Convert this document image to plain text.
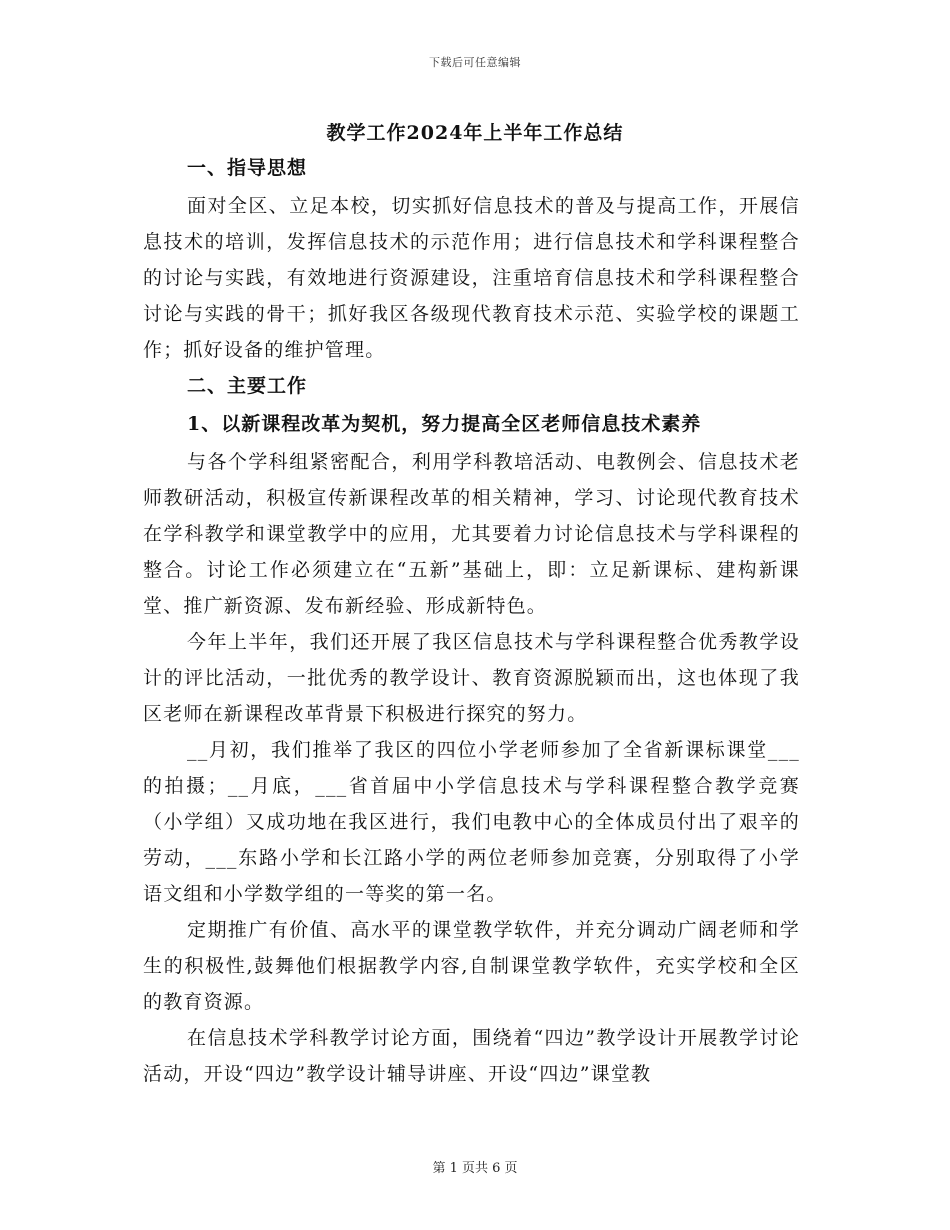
下载后可任意编辑
教学工作2024年上半年工作总结
一、指导思想

面对全区、立足本校，切实抓好信息技术的普及与提高工作，开展信息技术的培训，发挥信息技术的示范作用；进行信息技术和学科课程整合的讨论与实践，有效地进行资源建设，注重培育信息技术和学科课程整合讨论与实践的骨干；抓好我区各级现代教育技术示范、实验学校的课题工作；抓好设备的维护管理。

二、主要工作
1、以新课程改革为契机，努力提高全区老师信息技术素养

与各个学科组紧密配合，利用学科教培活动、电教例会、信息技术老师教研活动，积极宣传新课程改革的相关精神，学习、讨论现代教育技术在学科教学和课堂教学中的应用，尤其要着力讨论信息技术与学科课程的整合。讨论工作必须建立在“五新”基础上，即：立足新课标、建构新课堂、推广新资源、发布新经验、形成新特色。

今年上半年，我们还开展了我区信息技术与学科课程整合优秀教学设计的评比活动，一批优秀的教学设计、教育资源脱颖而出，这也体现了我区老师在新课程改革背景下积极进行探究的努力。

__月初，我们推举了我区的四位小学老师参加了全省新课标课堂___的拍摄；__月底，___省首届中小学信息技术与学科课程整合教学竞赛（小学组）又成功地在我区进行，我们电教中心的全体成员付出了艰辛的劳动，___东路小学和长江路小学的两位老师参加竞赛，分别取得了小学语文组和小学数学组的一等奖的第一名。

定期推广有价值、高水平的课堂教学软件，并充分调动广阔老师和学生的积极性,鼓舞他们根据教学内容,自制课堂教学软件，充实学校和全区的教育资源。

在信息技术学科教学讨论方面，围绕着“四边”教学设计开展教学讨论活动，开设“四边”教学设计辅导讲座、开设“四边”课堂教

第 1 页共 6 页
